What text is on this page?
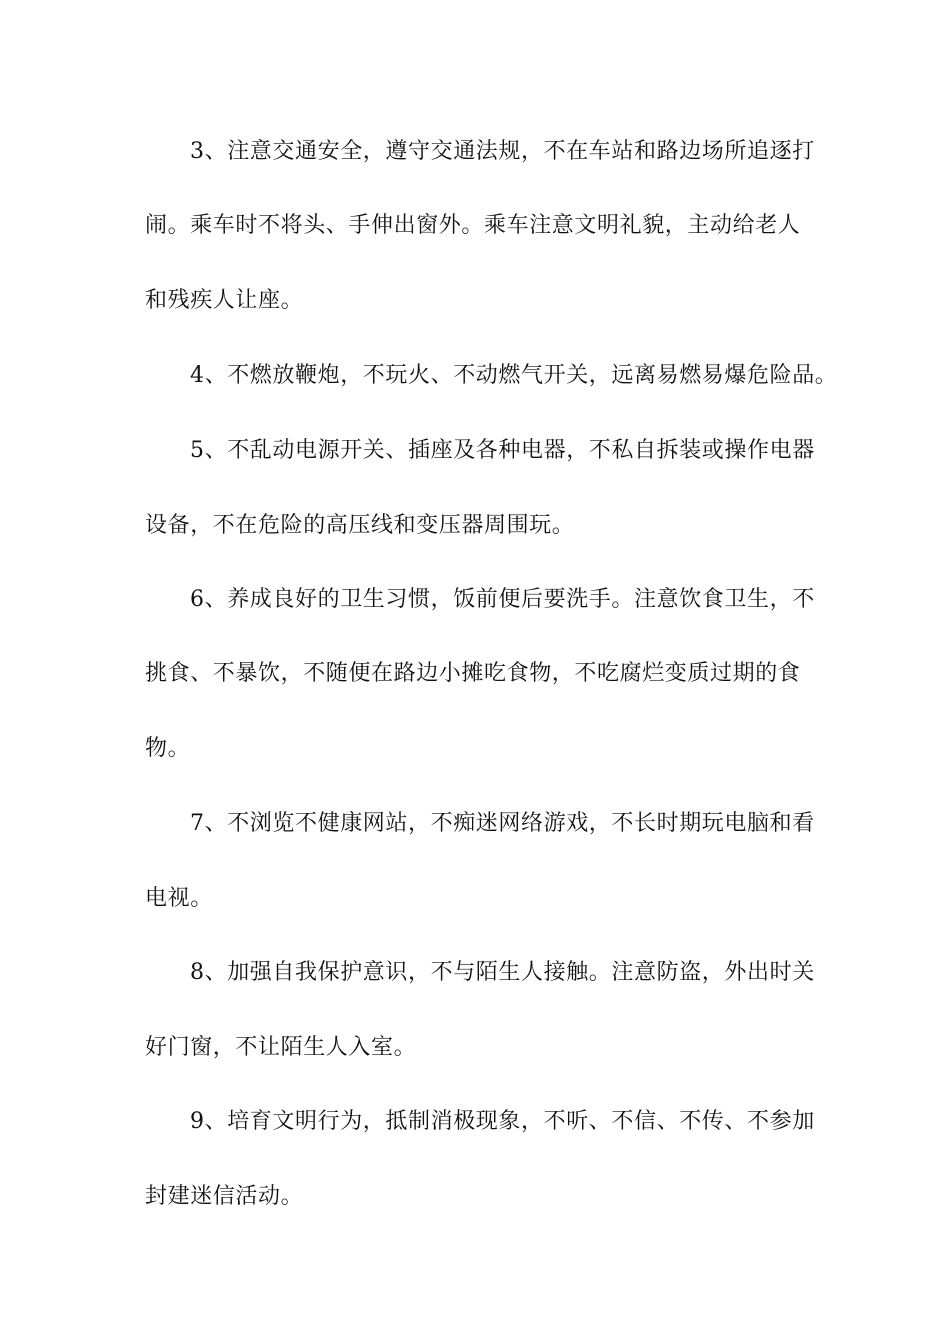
3、注意交通安全，遵守交通法规，不在车站和路边场所追逐打
闹。乘车时不将头、手伸出窗外。乘车注意文明礼貌，主动给老人
和残疾人让座。
4、不燃放鞭炮，不玩火、不动燃气开关，远离易燃易爆危险品。
5、不乱动电源开关、插座及各种电器，不私自拆装或操作电器
设备，不在危险的高压线和变压器周围玩。
6、养成良好的卫生习惯，饭前便后要洗手。注意饮食卫生，不
挑食、不暴饮，不随便在路边小摊吃食物，不吃腐烂变质过期的食
物。
7、不浏览不健康网站，不痴迷网络游戏，不长时期玩电脑和看
电视。
8、加强自我保护意识，不与陌生人接触。注意防盗，外出时关
好门窗，不让陌生人入室。
9、培育文明行为，抵制消极现象，不听、不信、不传、不参加
封建迷信活动。
